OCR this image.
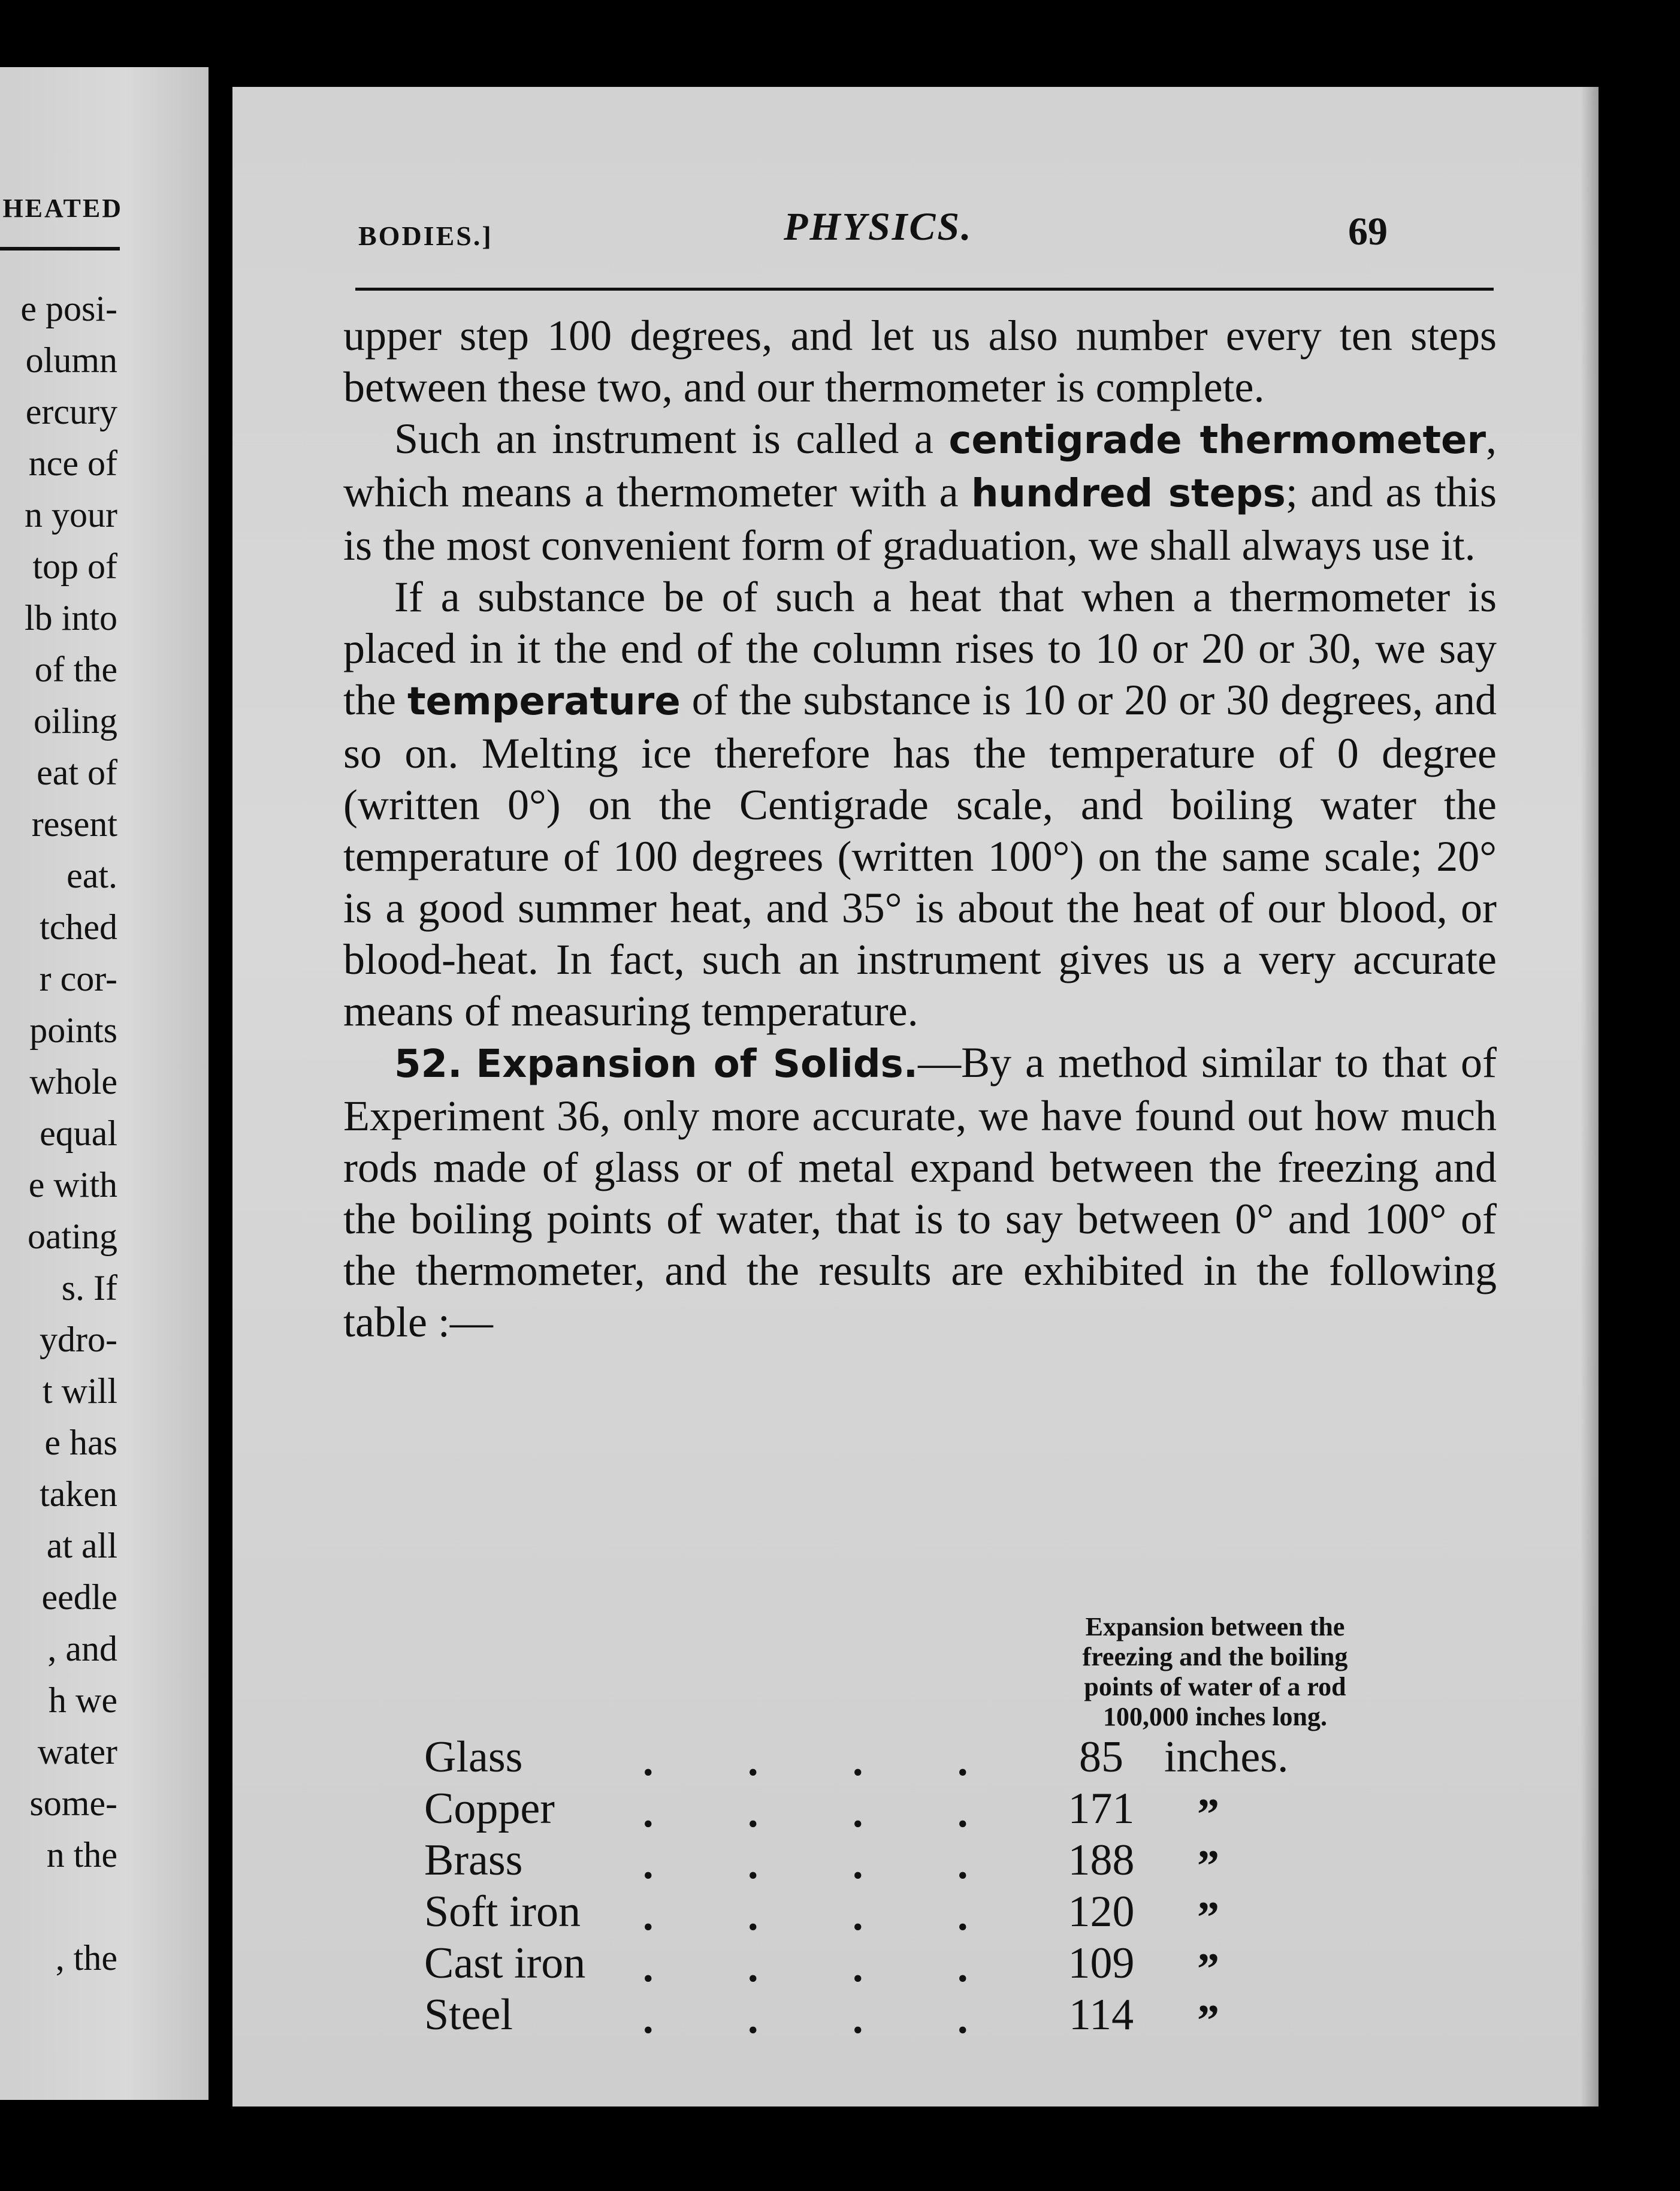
HEATED
e posi-
olumn
ercury
nce of
n your
top of
lb into
of the
oiling
eat of
resent
eat.
tched
r cor-
points
whole
equal
e with
oating
s. If
ydro-
t will
e has
taken
at all
eedle
, and
h we
water
some-
n the
, the
BODIES.]	PHYSICS.	69

upper step 100 degrees, and let us also number every ten steps between these two, and our thermometer is complete.

Such an instrument is called a centigrade thermometer, which means a thermometer with a hundred steps; and as this is the most convenient form of graduation, we shall always use it.

If a substance be of such a heat that when a thermometer is placed in it the end of the column rises to 10 or 20 or 30, we say the temperature of the substance is 10 or 20 or 30 degrees, and so on. Melting ice therefore has the temperature of 0 degree (written 0°) on the Centigrade scale, and boiling water the temperature of 100 degrees (written 100°) on the same scale; 20° is a good summer heat, and 35° is about the heat of our blood, or blood-heat. In fact, such an instrument gives us a very accurate means of measuring temperature.

52. Expansion of Solids.—By a method similar to that of Experiment 36, only more accurate, we have found out how much rods made of glass or of metal expand between the freezing and the boiling points of water, that is to say between 0° and 100° of the thermometer, and the results are exhibited in the following table :—

Expansion between the
freezing and the boiling
points of water of a rod
100,000 inches long.
Glass	. . . .	85 inches.
Copper . . . .	171	”
Brass	. . . .	188	”
Soft iron . . . .	120	”
Cast iron . . . .	109	”
Steel	. . . .	114	”
